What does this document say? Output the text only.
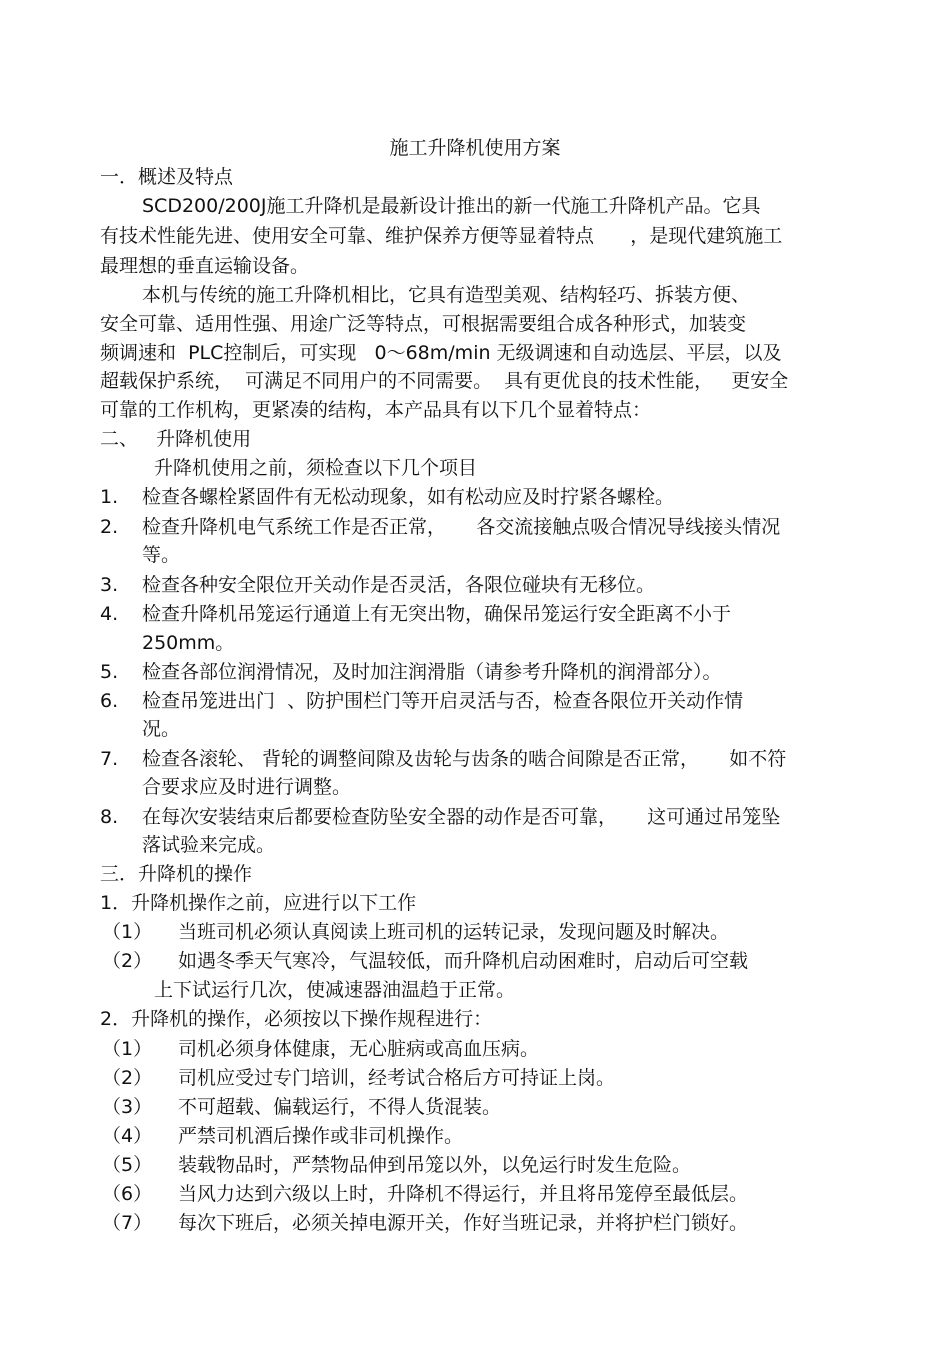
施工升降机使用方案
一．概述及特点
SCD200/200J施工升降机是最新设计推出的新一代施工升降机产品。它具
有技术性能先进、使用安全可靠、维护保养方便等显着特点      ，是现代建筑施工
最理想的垂直运输设备。
本机与传统的施工升降机相比，它具有造型美观、结构轻巧、拆装方便、
安全可靠、适用性强、用途广泛等特点，可根据需要组合成各种形式，加装变
频调速和  PLC控制后，可实现   0～68m/min 无级调速和自动选层、平层，以及
超载保护系统，  可满足不同用户的不同需要。  具有更优良的技术性能，   更安全
可靠的工作机构，更紧凑的结构，本产品具有以下几个显着特点：
二、   升降机使用
升降机使用之前，须检查以下几个项目
1. 检查各螺栓紧固件有无松动现象，如有松动应及时拧紧各螺栓。
2. 检查升降机电气系统工作是否正常，     各交流接触点吸合情况导线接头情况
等。
3. 检查各种安全限位开关动作是否灵活，各限位碰块有无移位。
4. 检查升降机吊笼运行通道上有无突出物，确保吊笼运行安全距离不小于
250mm。
5. 检查各部位润滑情况，及时加注润滑脂（请参考升降机的润滑部分）。
6. 检查吊笼进出门  、防护围栏门等开启灵活与否，检查各限位开关动作情
况。
7. 检查各滚轮、 背轮的调整间隙及齿轮与齿条的啮合间隙是否正常，     如不符
合要求应及时进行调整。
8. 在每次安装结束后都要检查防坠安全器的动作是否可靠，     这可通过吊笼坠
落试验来完成。
三．升降机的操作
1．升降机操作之前，应进行以下工作
（1） 当班司机必须认真阅读上班司机的运转记录，发现问题及时解决。
（2） 如遇冬季天气寒冷，气温较低，而升降机启动困难时，启动后可空载
上下试运行几次，使减速器油温趋于正常。
2．升降机的操作，必须按以下操作规程进行：
（1） 司机必须身体健康，无心脏病或高血压病。
（2） 司机应受过专门培训，经考试合格后方可持证上岗。
（3） 不可超载、偏载运行，不得人货混装。
（4） 严禁司机酒后操作或非司机操作。
（5） 装载物品时，严禁物品伸到吊笼以外，以免运行时发生危险。
（6） 当风力达到六级以上时，升降机不得运行，并且将吊笼停至最低层。
（7） 每次下班后，必须关掉电源开关，作好当班记录，并将护栏门锁好。
